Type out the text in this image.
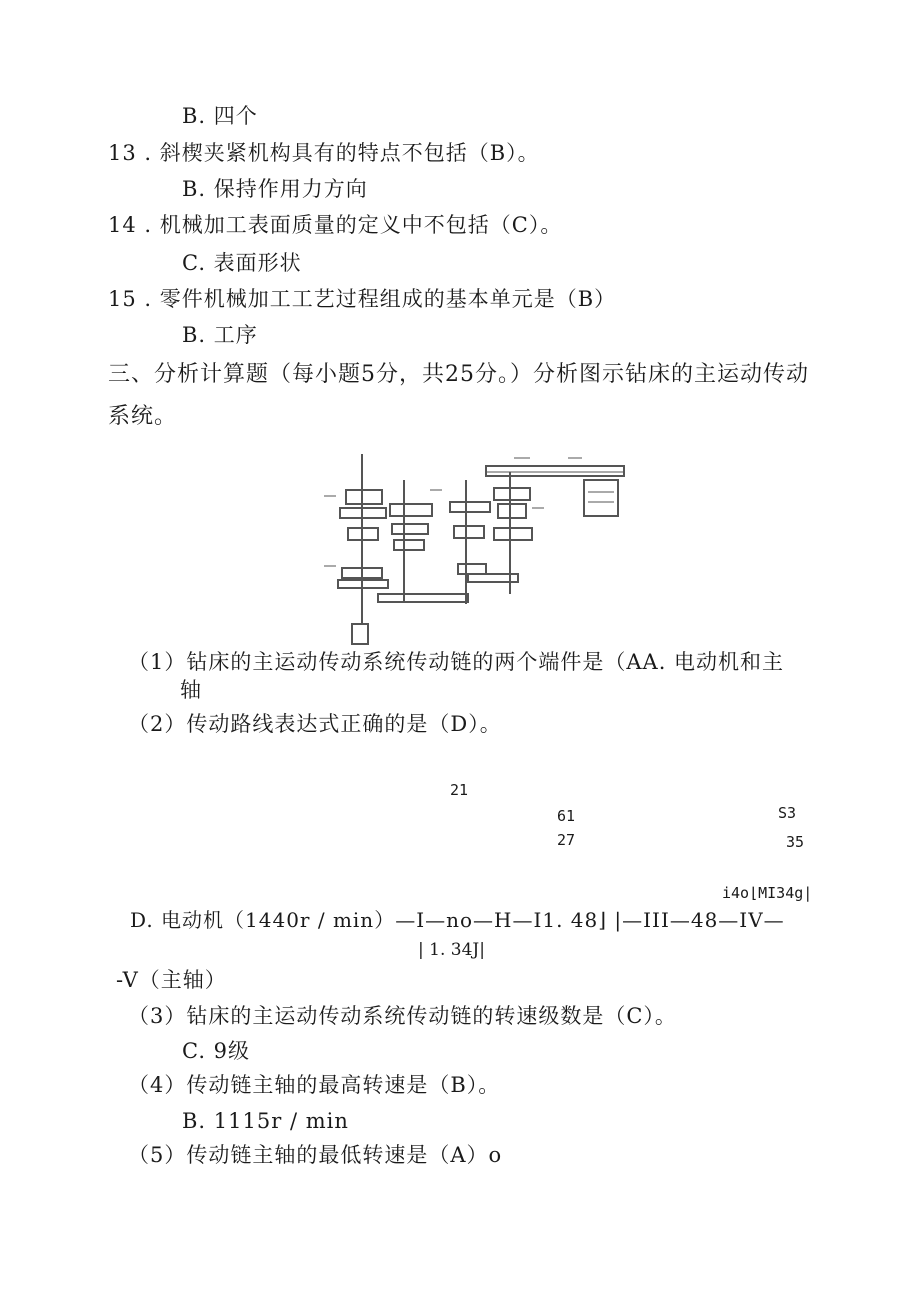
B. 四个
13 . 斜楔夹紧机构具有的特点不包括（B）。
B. 保持作用力方向
14 . 机械加工表面质量的定义中不包括（C）。
C. 表面形状
15 . 零件机械加工工艺过程组成的基本单元是（B）
B. 工序
三、分析计算题（每小题5分，共25分。）分析图示钻床的主运动传动
系统。
（1）钻床的主运动传动系统传动链的两个端件是（AA. 电动机和主
轴
（2）传动路线表达式正确的是（D）。
21
61	S3
27	35
i4o⌊MI34g|
D. 电动机（1440r / min）—I—no—H—I1. 48⌋ |—III—48—IV—
| 1. 34J|
-V（主轴）
（3）钻床的主运动传动系统传动链的转速级数是（C）。
C. 9级
（4）传动链主轴的最高转速是（B）。
B. 1115r / min
（5）传动链主轴的最低转速是（A）o
